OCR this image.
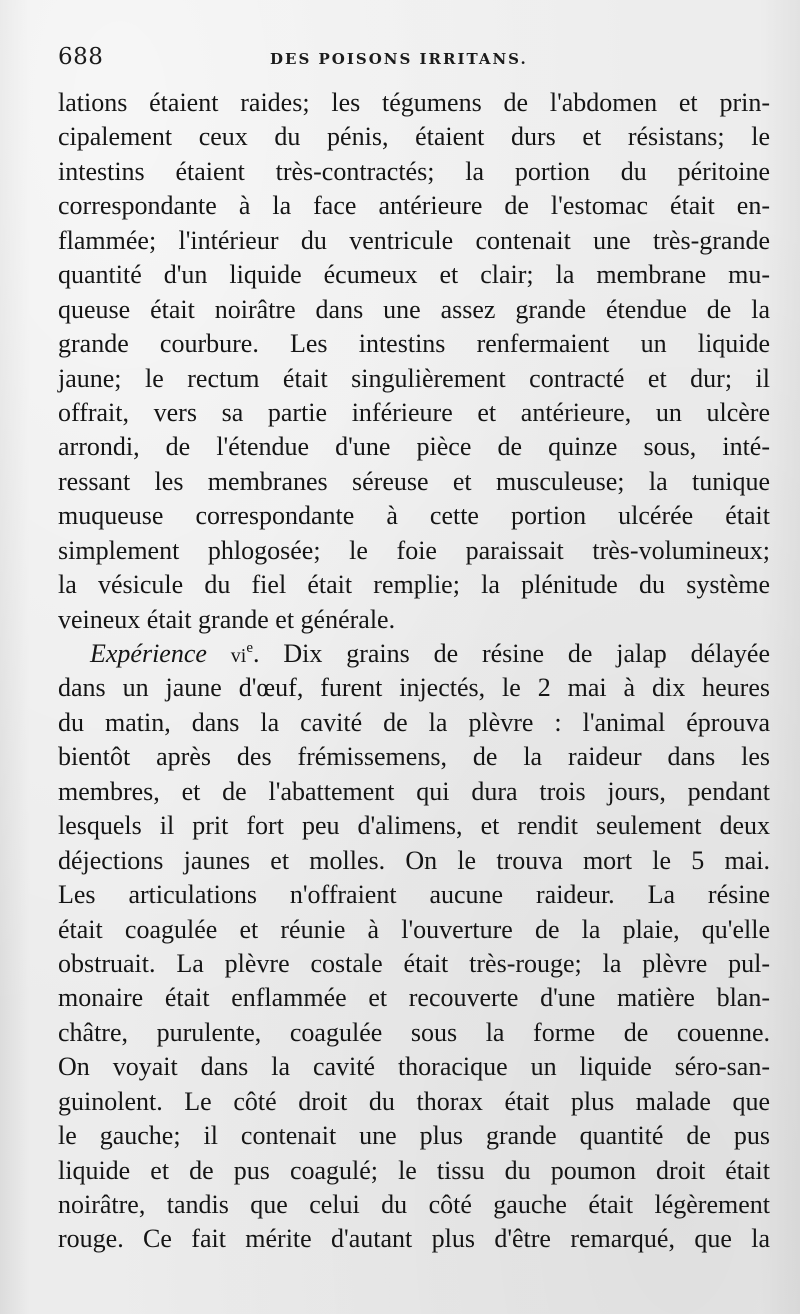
688	DES POISONS IRRITANS.
lations étaient raides; les tégumens de l'abdomen et prin-
cipalement ceux du pénis, étaient durs et résistans; le
intestins étaient très-contractés; la portion du péritoine
correspondante à la face antérieure de l'estomac était en-
flammée; l'intérieur du ventricule contenait une très-grande
quantité d'un liquide écumeux et clair; la membrane mu-
queuse était noirâtre dans une assez grande étendue de la
grande courbure. Les intestins renfermaient un liquide
jaune; le rectum était singulièrement contracté et dur; il
offrait, vers sa partie inférieure et antérieure, un ulcère
arrondi, de l'étendue d'une pièce de quinze sous, inté-
ressant les membranes séreuse et musculeuse; la tunique
muqueuse correspondante à cette portion ulcérée était
simplement phlogosée; le foie paraissait très-volumineux;
la vésicule du fiel était remplie; la plénitude du système
veineux était grande et générale.
Expérience $vi^e$. Dix grains de résine de jalap délayée
dans un jaune d'œuf, furent injectés, le 2 mai à dix heures
du matin, dans la cavité de la plèvre : l'animal éprouva
bientôt après des frémissemens, de la raideur dans les
membres, et de l'abattement qui dura trois jours, pendant
lesquels il prit fort peu d'alimens, et rendit seulement deux
déjections jaunes et molles. On le trouva mort le 5 mai.
Les articulations n'offraient aucune raideur. La résine
était coagulée et réunie à l'ouverture de la plaie, qu'elle
obstruait. La plèvre costale était très-rouge; la plèvre pul-
monaire était enflammée et recouverte d'une matière blan-
châtre, purulente, coagulée sous la forme de couenne.
On voyait dans la cavité thoracique un liquide séro-san-
guinolent. Le côté droit du thorax était plus malade que
le gauche; il contenait une plus grande quantité de pus
liquide et de pus coagulé; le tissu du poumon droit était
noirâtre, tandis que celui du côté gauche était légèrement
rouge. Ce fait mérite d'autant plus d'être remarqué, que la
